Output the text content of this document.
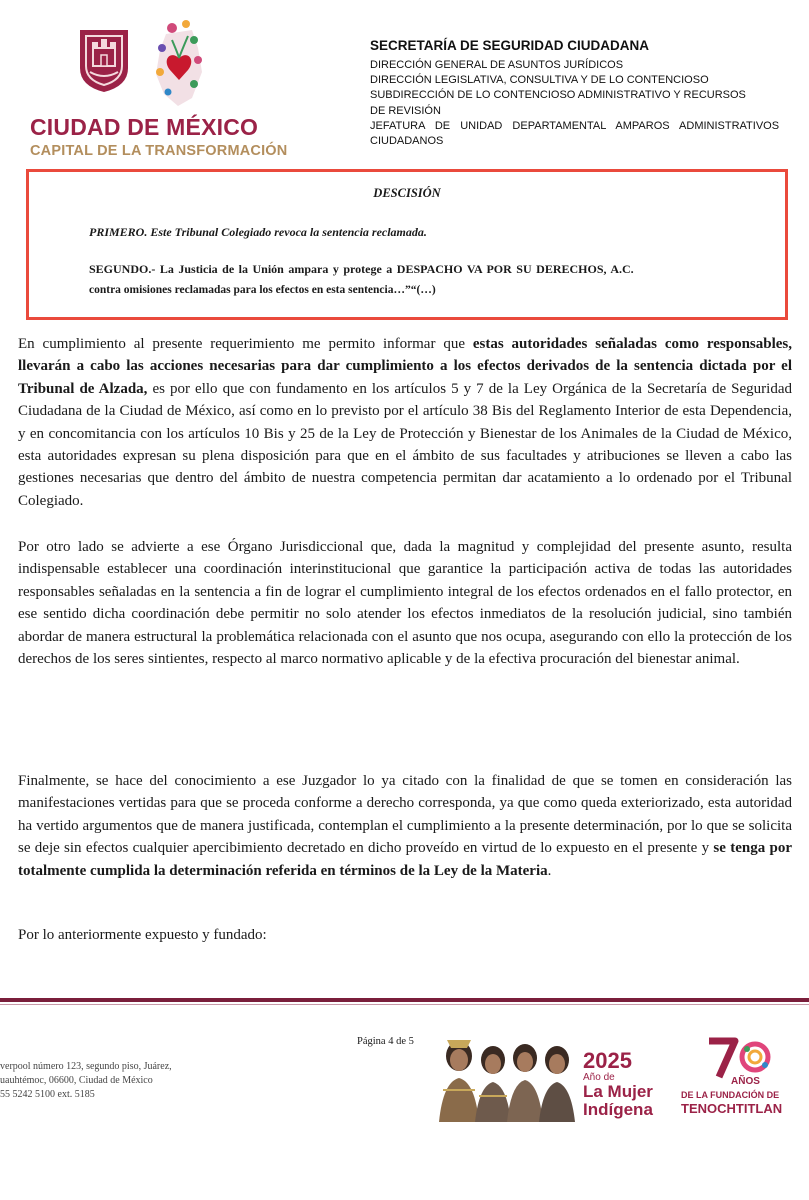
CIUDAD DE MÉXICO
CAPITAL DE LA TRANSFORMACIÓN
SECRETARÍA DE SEGURIDAD CIUDADANA
DIRECCIÓN GENERAL DE ASUNTOS JURÍDICOS
DIRECCIÓN LEGISLATIVA, CONSULTIVA Y DE LO CONTENCIOSO
SUBDIRECCIÓN DE LO CONTENCIOSO ADMINISTRATIVO Y RECURSOS
DE REVISIÓN
JEFATURA DE UNIDAD DEPARTAMENTAL AMPAROS ADMINISTRATIVOS
CIUDADANOS
DESCISIÓN
PRIMERO. Este Tribunal Colegiado revoca la sentencia reclamada.
SEGUNDO.- La Justicia de la Unión ampara y protege a DESPACHO VA POR SU DERECHOS, A.C.
contra omisiones reclamadas para los efectos en esta sentencia…”“(…)
En cumplimiento al presente requerimiento me permito informar que estas autoridades señaladas como responsables, llevarán a cabo las acciones necesarias para dar cumplimiento a los efectos derivados de la sentencia dictada por el Tribunal de Alzada, es por ello que con fundamento en los artículos 5 y 7 de la Ley Orgánica de la Secretaría de Seguridad Ciudadana de la Ciudad de México, así como en lo previsto por el artículo 38 Bis del Reglamento Interior de esta Dependencia, y en concomitancia con los artículos 10 Bis y 25 de la Ley de Protección y Bienestar de los Animales de la Ciudad de México, esta autoridades expresan su plena disposición para que en el ámbito de sus facultades y atribuciones se lleven a cabo las gestiones necesarias que dentro del ámbito de nuestra competencia permitan dar acatamiento a lo ordenado por el Tribunal Colegiado.
Por otro lado se advierte a ese Órgano Jurisdiccional que, dada la magnitud y complejidad del presente asunto, resulta indispensable establecer una coordinación interinstitucional que garantice la participación activa de todas las autoridades responsables señaladas en la sentencia a fin de lograr el cumplimiento integral de los efectos ordenados en el fallo protector, en ese sentido dicha coordinación debe permitir no solo atender los efectos inmediatos de la resolución judicial, sino también abordar de manera estructural la problemática relacionada con el asunto que nos ocupa, asegurando con ello la protección de los derechos de los seres sintientes, respecto al marco normativo aplicable y de la efectiva procuración del bienestar animal.
Finalmente, se hace del conocimiento a ese Juzgador lo ya citado con la finalidad de que se tomen en consideración las manifestaciones vertidas para que se proceda conforme a derecho corresponda, ya que como queda exteriorizado, esta autoridad ha vertido argumentos que de manera justificada, contemplan el cumplimiento a la presente determinación, por lo que se solicita se deje sin efectos cualquier apercibimiento decretado en dicho proveído en virtud de lo expuesto en el presente y se tenga por totalmente cumplida la determinación referida en términos de la Ley de la Materia.
Por lo anteriormente expuesto y fundado:
Página 4 de 5
verpool número 123, segundo piso, Juárez,
uauhtémoc, 06600, Ciudad de México
55 5242 5100 ext. 5185
2025
Año de
La Mujer
Indígena
AÑOS
DE LA FUNDACIÓN DE
TENOCHTITLAN
